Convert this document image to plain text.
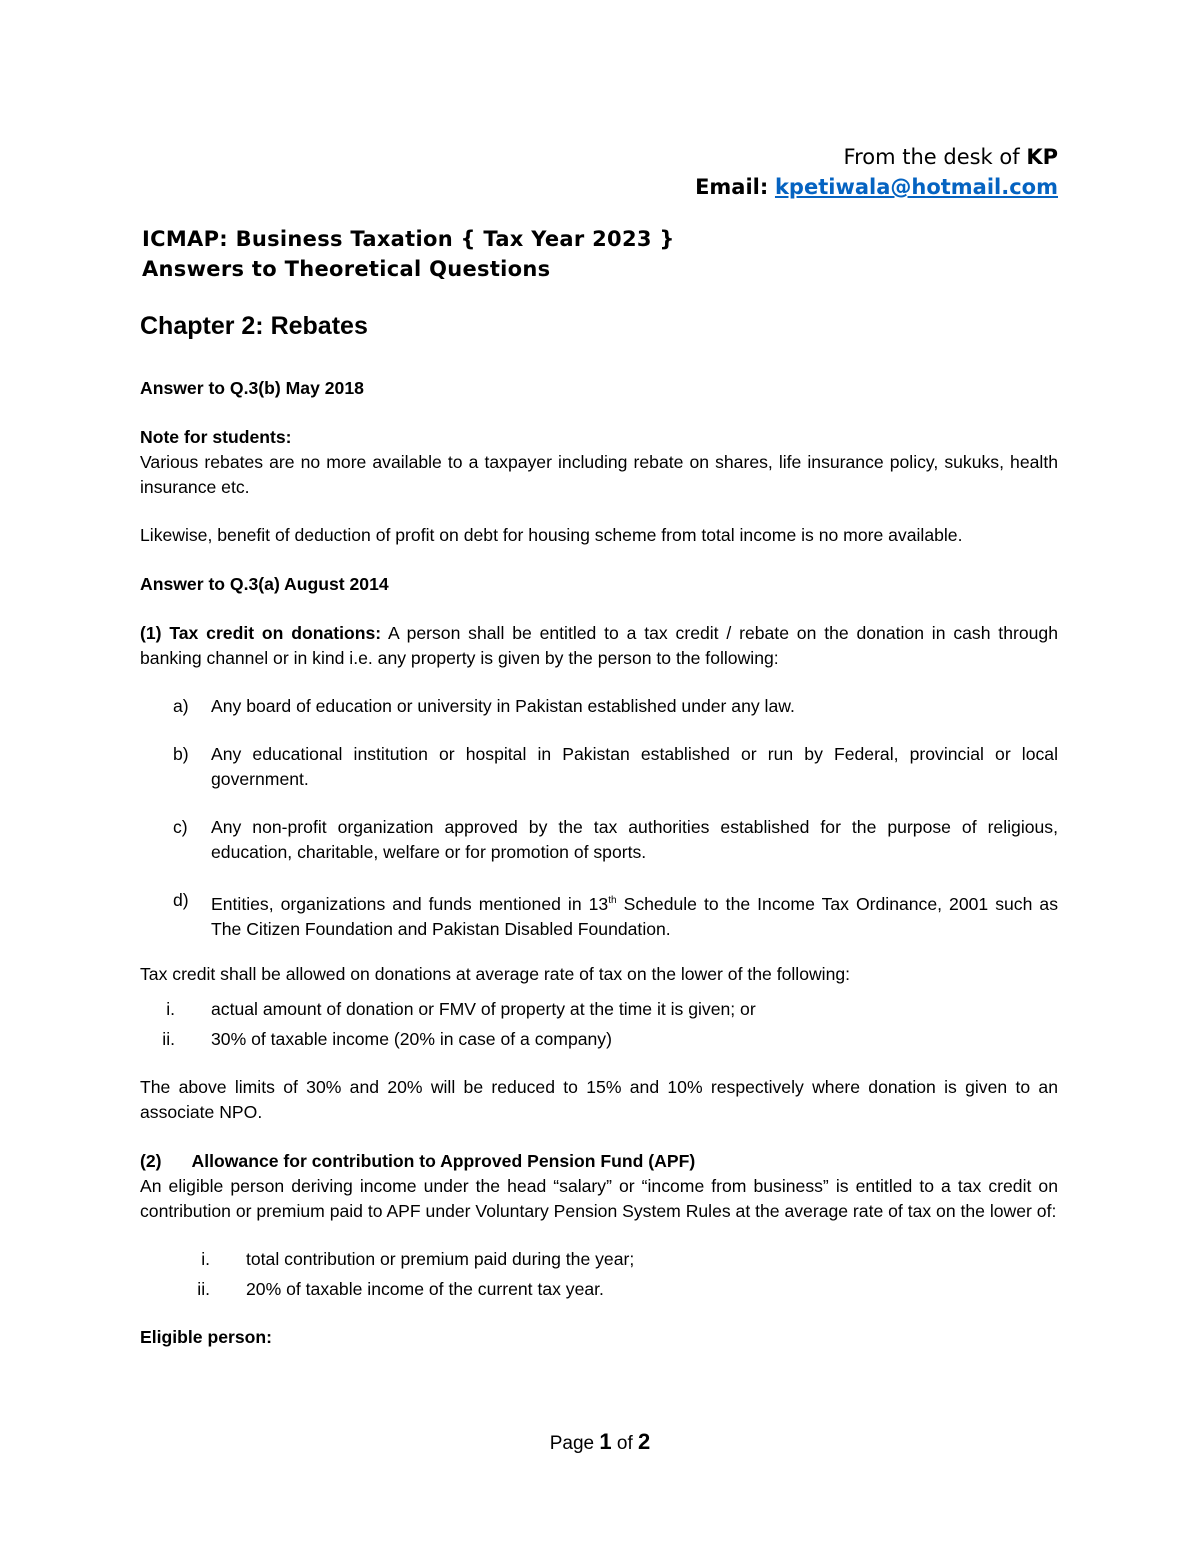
From the desk of KP
Email: kpetiwala@hotmail.com
ICMAP: Business Taxation { Tax Year 2023 }
Answers to Theoretical Questions
Chapter 2: Rebates

Answer to Q.3(b) May 2018

Note for students:

Various rebates are no more available to a taxpayer including rebate on shares, life insurance policy, sukuks, health insurance etc.

Likewise, benefit of deduction of profit on debt for housing scheme from total income is no more available.

Answer to Q.3(a) August 2014

(1) Tax credit on donations: A person shall be entitled to a tax credit / rebate on the donation in cash through banking channel or in kind i.e. any property is given by the person to the following:

a) Any board of education or university in Pakistan established under any law.
b) Any educational institution or hospital in Pakistan established or run by Federal, provincial or local government.
c) Any non-profit organization approved by the tax authorities established for the purpose of religious, education, charitable, welfare or for promotion of sports.
d) Entities, organizations and funds mentioned in 13th Schedule to the Income Tax Ordinance, 2001 such as The Citizen Foundation and Pakistan Disabled Foundation.

Tax credit shall be allowed on donations at average rate of tax on the lower of the following:

i. actual amount of donation or FMV of property at the time it is given; or
ii. 30% of taxable income (20% in case of a company)

The above limits of 30% and 20% will be reduced to 15% and 10% respectively where donation is given to an associate NPO.

(2) Allowance for contribution to Approved Pension Fund (APF)

An eligible person deriving income under the head “salary” or “income from business” is entitled to a tax credit on contribution or premium paid to APF under Voluntary Pension System Rules at the average rate of tax on the lower of:

i. total contribution or premium paid during the year;
ii. 20% of taxable income of the current tax year.

Eligible person:

Page 1 of 2
